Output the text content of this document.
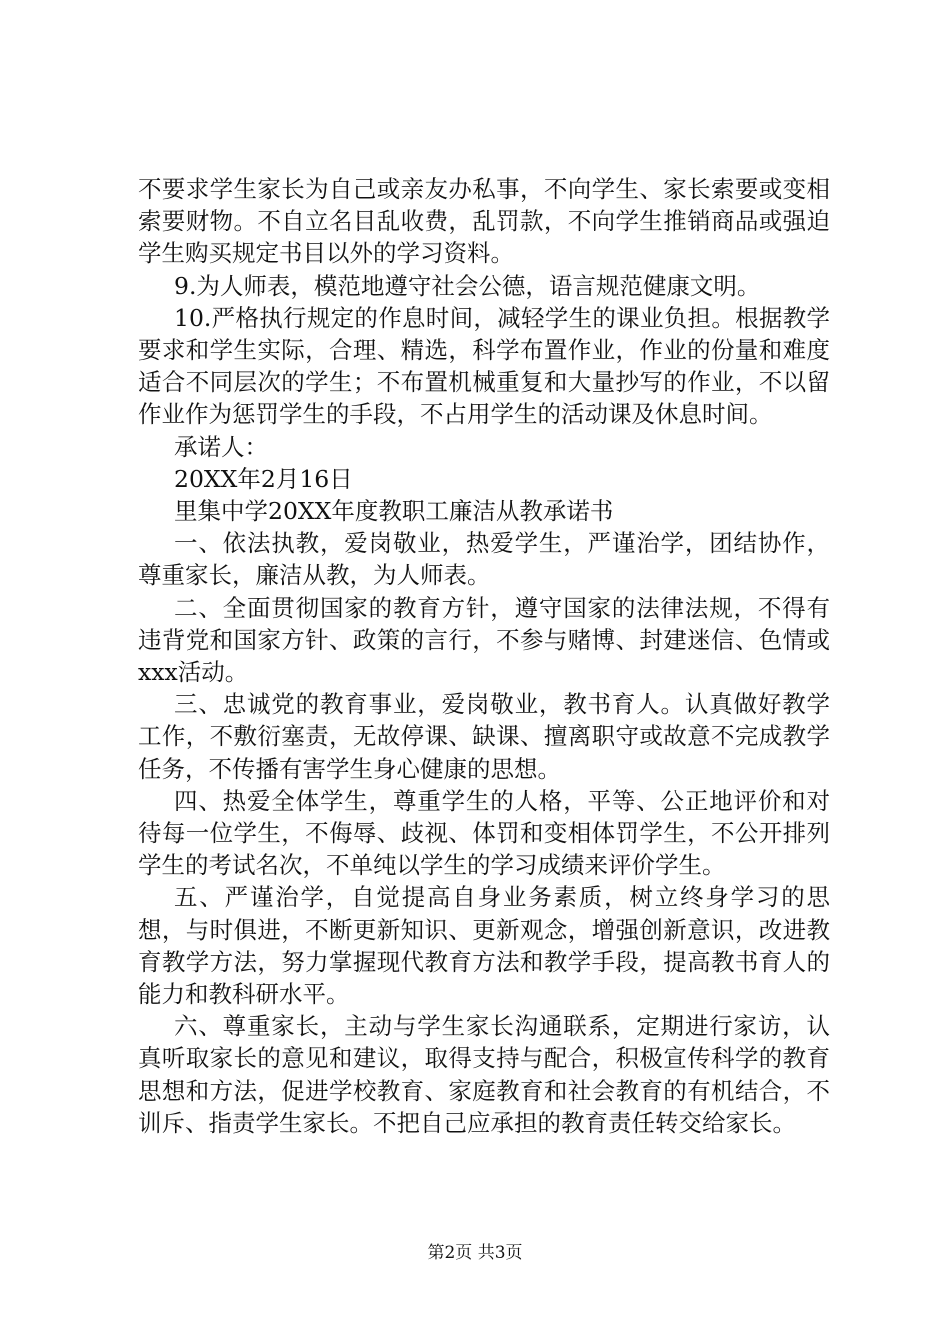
不要求学生家长为自己或亲友办私事，不向学生、家长索要或变相索要财物。不自立名目乱收费，乱罚款，不向学生推销商品或强迫学生购买规定书目以外的学习资料。

9.为人师表，模范地遵守社会公德，语言规范健康文明。

10.严格执行规定的作息时间，减轻学生的课业负担。根据教学要求和学生实际，合理、精选，科学布置作业，作业的份量和难度适合不同层次的学生；不布置机械重复和大量抄写的作业，不以留作业作为惩罚学生的手段，不占用学生的活动课及休息时间。

承诺人：

20XX年2月16日

里集中学20XX年度教职工廉洁从教承诺书

一、依法执教，爱岗敬业，热爱学生，严谨治学，团结协作，尊重家长，廉洁从教，为人师表。

二、全面贯彻国家的教育方针，遵守国家的法律法规，不得有违背党和国家方针、政策的言行，不参与赌博、封建迷信、色情或xxx活动。

三、忠诚党的教育事业，爱岗敬业，教书育人。认真做好教学工作，不敷衍塞责，无故停课、缺课、擅离职守或故意不完成教学任务，不传播有害学生身心健康的思想。

四、热爱全体学生，尊重学生的人格，平等、公正地评价和对待每一位学生，不侮辱、歧视、体罚和变相体罚学生，不公开排列学生的考试名次，不单纯以学生的学习成绩来评价学生。

五、严谨治学，自觉提高自身业务素质，树立终身学习的思想，与时俱进，不断更新知识、更新观念，增强创新意识，改进教育教学方法，努力掌握现代教育方法和教学手段，提高教书育人的能力和教科研水平。

六、尊重家长，主动与学生家长沟通联系，定期进行家访，认真听取家长的意见和建议，取得支持与配合，积极宣传科学的教育思想和方法，促进学校教育、家庭教育和社会教育的有机结合，不训斥、指责学生家长。不把自己应承担的教育责任转交给家长。

第2页 共3页
